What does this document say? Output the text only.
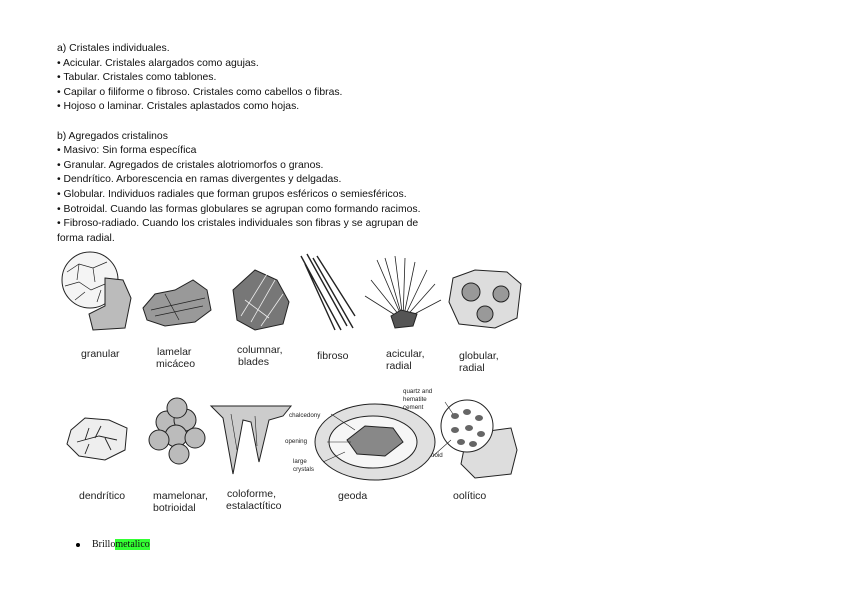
a) Cristales individuales.

• Acicular. Cristales alargados como agujas.

• Tabular. Cristales como tablones.

• Capilar o filiforme o fibroso. Cristales como cabellos o fibras.

• Hojoso o laminar. Cristales aplastados como hojas.

b) Agregados cristalinos

• Masivo: Sin forma específica

• Granular. Agregados de cristales alotriomorfos o granos.

• Dendrítico. Arborescencia en ramas divergentes y delgadas.

• Globular. Individuos radiales que forman grupos esféricos o semiesféricos.

• Botroidal. Cuando las formas globulares se agrupan como formando racimos.

• Fibroso-radiado. Cuando los cristales individuales son fibras y se agrupan de

forma radial.

granular	lamelar
micáceo
columnar,
blades	fibroso	acicular,
radial
globular,
radial
dendrítico	mamelonar,
botrioidal
coloforme,
estalactítico
geoda	oolítico
chalcedony
opening
large
crystals
quartz and
hematite
cement
ooid
Brillometalico
